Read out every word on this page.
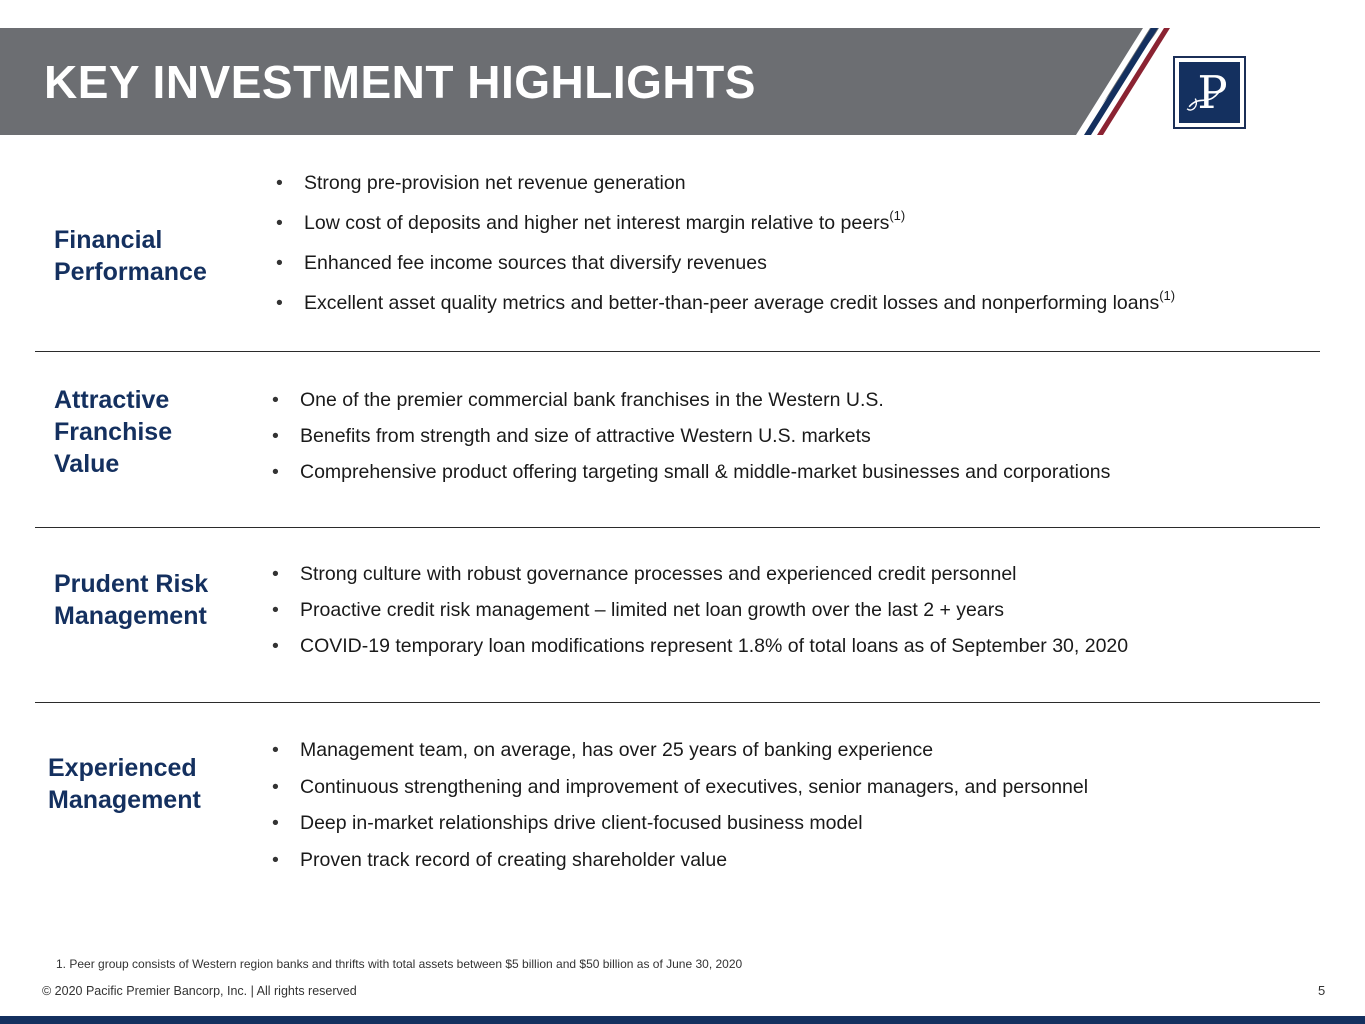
KEY INVESTMENT HIGHLIGHTS	P
Financial
Performance
• Strong pre-provision net revenue generation
• Low cost of deposits and higher net interest margin relative to peers$^{(1)}$
• Enhanced fee income sources that diversify revenues
• Excellent asset quality metrics and better-than-peer average credit losses and nonperforming loans$^{(1)}$
Attractive
Franchise
Value
• One of the premier commercial bank franchises in the Western U.S.
• Benefits from strength and size of attractive Western U.S. markets
• Comprehensive product offering targeting small & middle-market businesses and corporations
Prudent Risk
Management
• Strong culture with robust governance processes and experienced credit personnel
• Proactive credit risk management – limited net loan growth over the last 2 + years
• COVID-19 temporary loan modifications represent 1.8% of total loans as of September 30, 2020
Experienced
Management
• Management team, on average, has over 25 years of banking experience
• Continuous strengthening and improvement of executives, senior managers, and personnel
• Deep in-market relationships drive client-focused business model
• Proven track record of creating shareholder value
1. Peer group consists of Western region banks and thrifts with total assets between $5 billion and $50 billion as of June 30, 2020
© 2020 Pacific Premier Bancorp, Inc. | All rights reserved	5
